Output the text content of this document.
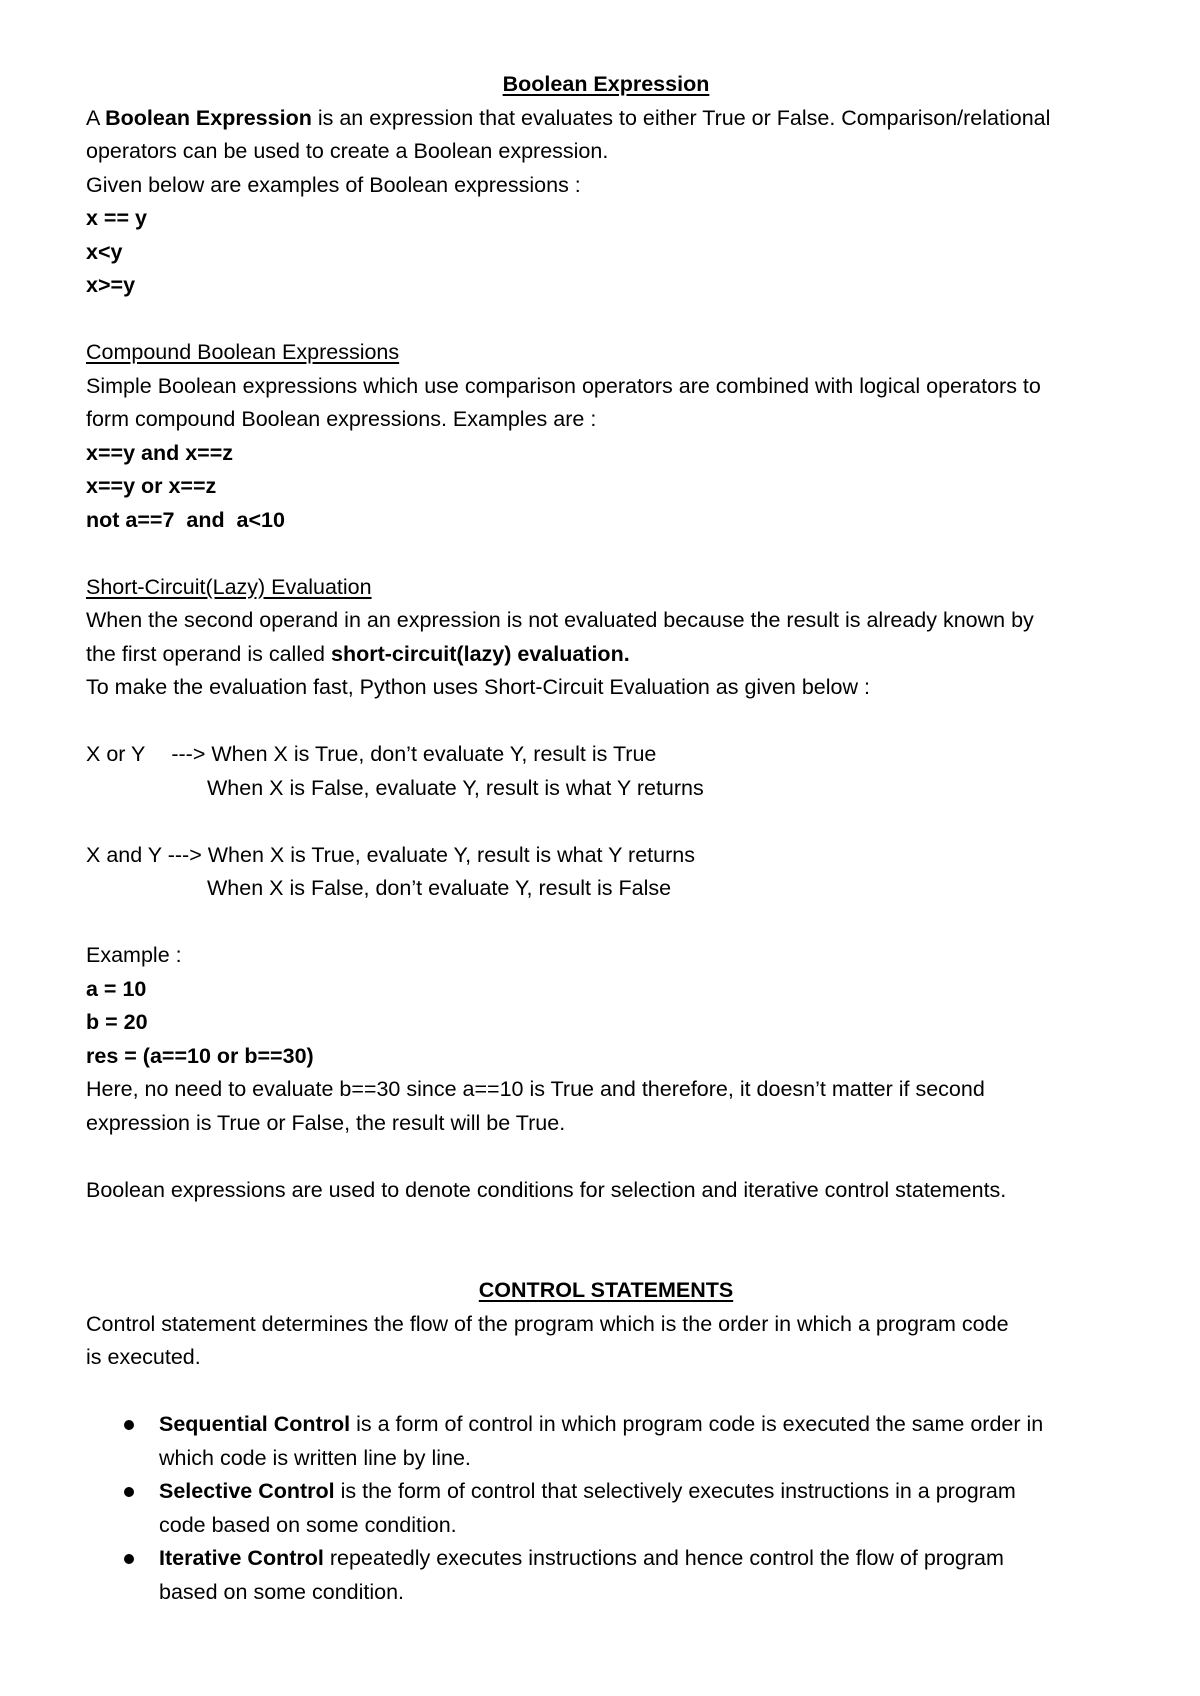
Boolean Expression
A Boolean Expression is an expression that evaluates to either True or False. Comparison/relational
operators can be used to create a Boolean expression.
Given below are examples of Boolean expressions :
x == y
x<y
x>=y
Compound Boolean Expressions
Simple Boolean expressions which use comparison operators are combined with logical operators to
form compound Boolean expressions. Examples are :
x==y and x==z
x==y or x==z
not a==7  and  a<10
Short-Circuit(Lazy) Evaluation
When the second operand in an expression is not evaluated because the result is already known by
the first operand is called short-circuit(lazy) evaluation.
To make the evaluation fast, Python uses Short-Circuit Evaluation as given below :
X or Y ---> When X is True, don’t evaluate Y, result is True
When X is False, evaluate Y, result is what Y returns
X and Y ---> When X is True, evaluate Y, result is what Y returns
When X is False, don’t evaluate Y, result is False
Example :
a = 10
b = 20
res = (a==10 or b==30)
Here, no need to evaluate b==30 since a==10 is True and therefore, it doesn’t matter if second
expression is True or False, the result will be True.
Boolean expressions are used to denote conditions for selection and iterative control statements.
CONTROL STATEMENTS
Control statement determines the flow of the program which is the order in which a program code
is executed.
Sequential Control is a form of control in which program code is executed the same order in
which code is written line by line.
Selective Control is the form of control that selectively executes instructions in a program
code based on some condition.
Iterative Control repeatedly executes instructions and hence control the flow of program
based on some condition.
